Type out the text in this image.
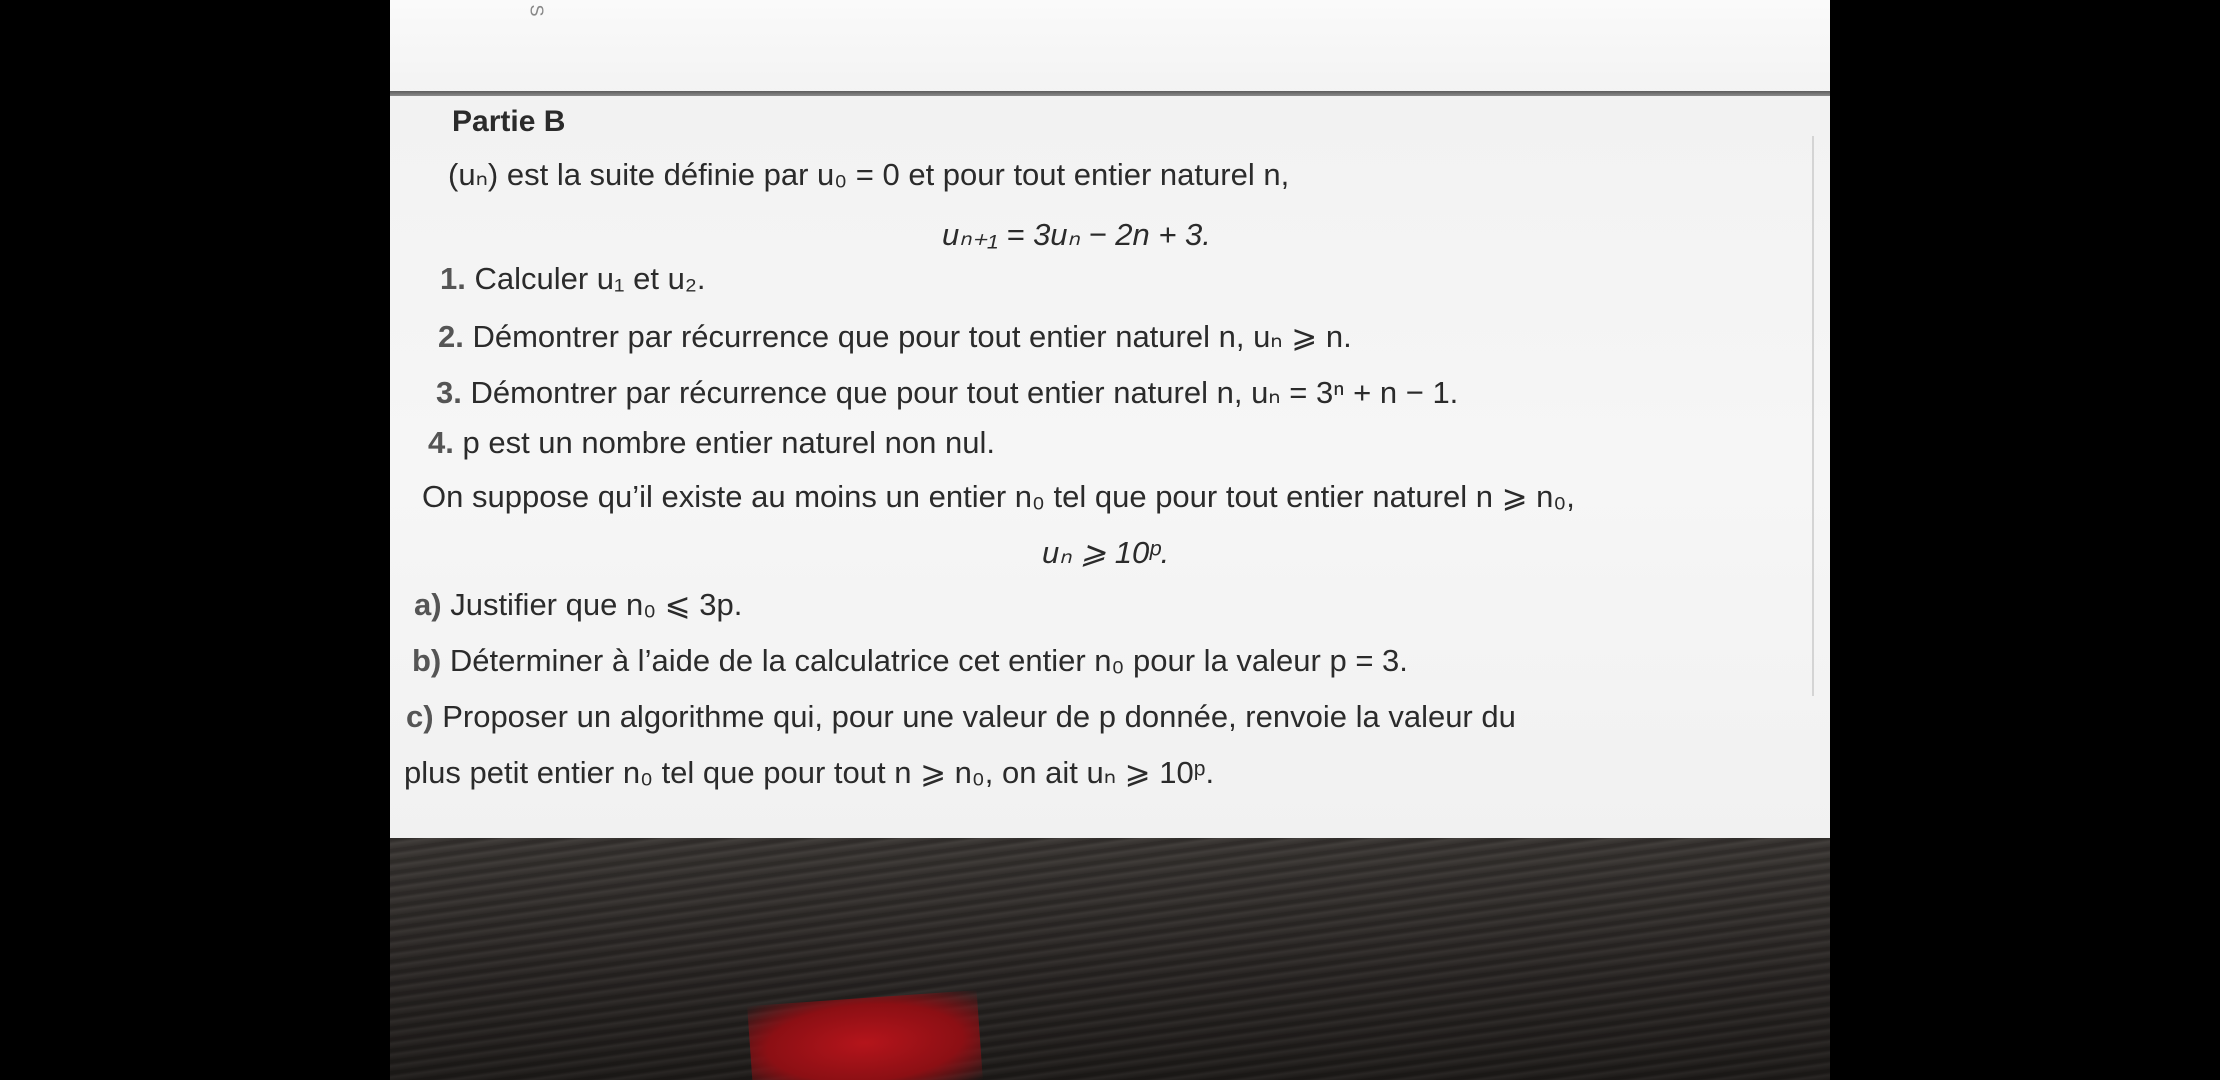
S
Partie B
(uₙ) est la suite définie par u₀ = 0 et pour tout entier naturel n,
uₙ₊₁ = 3uₙ − 2n + 3.
1. Calculer u₁ et u₂.
2. Démontrer par récurrence que pour tout entier naturel n, uₙ ⩾ n.
3. Démontrer par récurrence que pour tout entier naturel n, uₙ = 3ⁿ + n − 1.
4. p est un nombre entier naturel non nul.
On suppose qu’il existe au moins un entier n₀ tel que pour tout entier naturel n ⩾ n₀,
uₙ ⩾ 10ᵖ.
a) Justifier que n₀ ⩽ 3p.
b) Déterminer à l’aide de la calculatrice cet entier n₀ pour la valeur p = 3.
c) Proposer un algorithme qui, pour une valeur de p donnée, renvoie la valeur du
plus petit entier n₀ tel que pour tout n ⩾ n₀, on ait uₙ ⩾ 10ᵖ.
